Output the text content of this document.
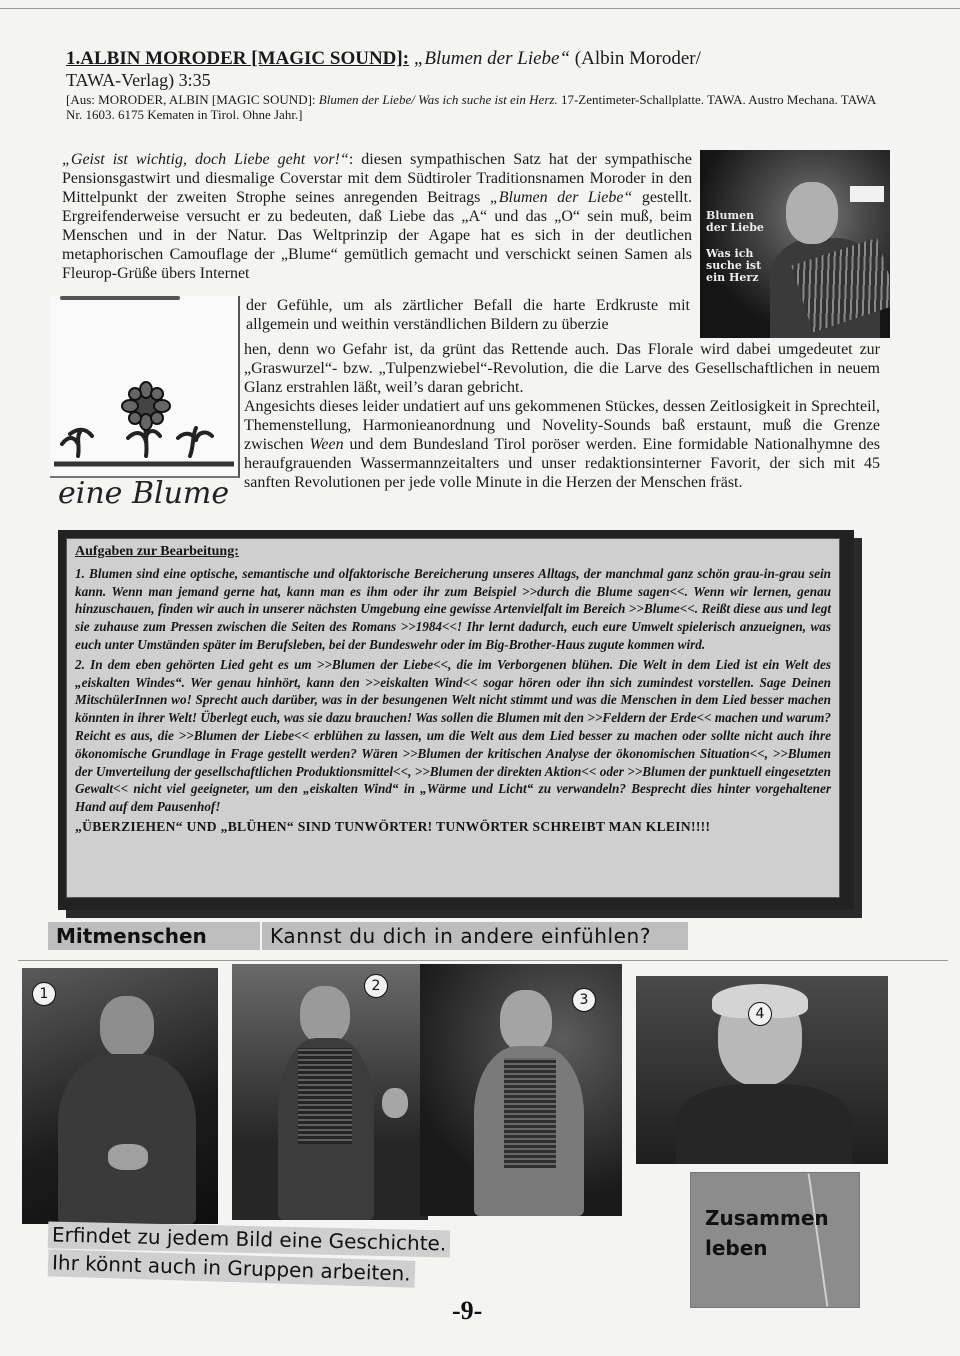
1.ALBIN MORODER [MAGIC SOUND]: „Blumen der Liebe“ (Albin Moroder/
TAWA-Verlag) 3:35
[Aus: MORODER, ALBIN [MAGIC SOUND]: Blumen der Liebe/ Was ich suche ist ein Herz. 17-Zentimeter-Schallplatte. TAWA. Austro Mechana. TAWA Nr. 1603. 6175 Kematen in Tirol. Ohne Jahr.]
„Geist ist wichtig, doch Liebe geht vor!“: diesen sympathischen Satz hat der sympathische Pensionsgastwirt und diesmalige Coverstar mit dem Südtiroler Traditionsnamen Moroder in den Mittelpunkt der zweiten Strophe seines anregenden Beitrags „Blumen der Liebe“ gestellt. Ergreifenderweise versucht er zu bedeuten, daß Liebe das „A“ und das „O“ sein muß, beim Menschen und in der Natur. Das Weltprinzip der Agape hat es sich in der deutlichen metaphorischen Camouflage der „Blume“ gemütlich gemacht und verschickt seinen Samen als Fleurop-Grüße übers Internet
Blumen der Liebe
Was ich suche ist ein Herz
eine Blume
der Gefühle, um als zärtlicher Befall die harte Erdkruste mit allgemein und weithin verständlichen Bildern zu überzie
hen, denn wo Gefahr ist, da grünt das Rettende auch. Das Florale wird dabei umgedeutet zur „Graswurzel“- bzw. „Tulpenzwiebel“-Revolution, die die Larve des Gesellschaftlichen in neuem Glanz erstrahlen läßt, weil’s daran gebricht.
Angesichts dieses leider undatiert auf uns gekommenen Stückes, dessen Zeitlosigkeit in Sprechteil, Themenstellung, Harmonieanordnung und Novelity-Sounds baß erstaunt, muß die Grenze zwischen Ween und dem Bundesland Tirol poröser werden. Eine formidable Nationalhymne des heraufgrauenden Wassermannzeitalters und unser redaktionsinterner Favorit, der sich mit 45 sanften Revolutionen per jede volle Minute in die Herzen der Menschen fräst.
Aufgaben zur Bearbeitung:

1. Blumen sind eine optische, semantische und olfaktorische Bereicherung unseres Alltags, der manchmal ganz schön grau-in-grau sein kann. Wenn man jemand gerne hat, kann man es ihm oder ihr zum Beispiel >>durch die Blume sagen<<. Wenn wir lernen, genau hinzuschauen, finden wir auch in unserer nächsten Umgebung eine gewisse Artenvielfalt im Bereich >>Blume<<. Reißt diese aus und legt sie zuhause zum Pressen zwischen die Seiten des Romans >>1984<<! Ihr lernt dadurch, euch eure Umwelt spielerisch anzueignen, was euch unter Umständen später im Berufsleben, bei der Bundeswehr oder im Big-Brother-Haus zugute kommen wird.

2. In dem eben gehörten Lied geht es um >>Blumen der Liebe<<, die im Verborgenen blühen. Die Welt in dem Lied ist ein Welt des „eiskalten Windes“. Wer genau hinhört, kann den >>eiskalten Wind<< sogar hören oder ihn sich zumindest vorstellen. Sage Deinen MitschülerInnen wo! Sprecht auch darüber, was in der besungenen Welt nicht stimmt und was die Menschen in dem Lied besser machen könnten in ihrer Welt! Überlegt euch, was sie dazu brauchen! Was sollen die Blumen mit den >>Feldern der Erde<< machen und warum? Reicht es aus, die >>Blumen der Liebe<< erblühen zu lassen, um die Welt aus dem Lied besser zu machen oder sollte nicht auch ihre ökonomische Grundlage in Frage gestellt werden? Wären >>Blumen der kritischen Analyse der ökonomischen Situation<<, >>Blumen der Umverteilung der gesellschaftlichen Produktionsmittel<<, >>Blumen der direkten Aktion<< oder >>Blumen der punktuell eingesetzten Gewalt<< nicht viel geeigneter, um den „eiskalten Wind“ in „Wärme und Licht“ zu verwandeln? Besprecht dies hinter vorgehaltener Hand auf dem Pausenhof!

„ÜBERZIEHEN“ UND „BLÜHEN“ SIND TUNWÖRTER! TUNWÖRTER SCHREIBT MAN KLEIN!!!!

Mitmenschen	Kannst du dich in andere einfühlen?
1	2
3
4
Zusammen
leben
Erfindet zu jedem Bild eine Geschichte. Ihr könnt auch in Gruppen arbeiten.
-9-
